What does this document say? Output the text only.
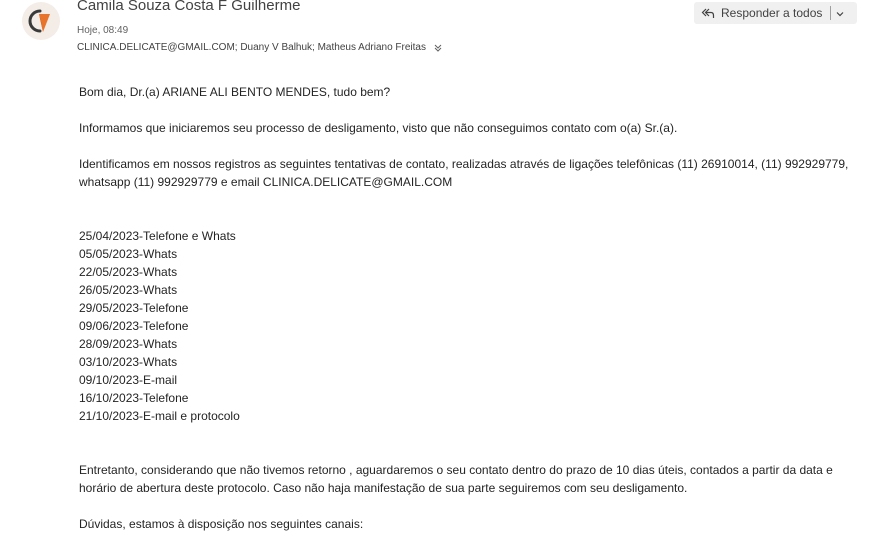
Camila Souza Costa F Guilherme
Hoje, 08:49
CLINICA.DELICATE@GMAIL.COM; Duany V Balhuk; Matheus Adriano Freitas
Responder a todos

Bom dia, Dr.(a) ARIANE ALI BENTO MENDES, tudo bem?

Informamos que iniciaremos seu processo de desligamento, visto que não conseguimos contato com o(a) Sr.(a).

Identificamos em nossos registros as seguintes tentativas de contato, realizadas através de ligações telefônicas (11) 26910014, (11) 992929779, whatsapp (11) 992929779 e email CLINICA.DELICATE@GMAIL.COM

25/04/2023-Telefone e Whats

05/05/2023-Whats

22/05/2023-Whats

26/05/2023-Whats

29/05/2023-Telefone

09/06/2023-Telefone

28/09/2023-Whats

03/10/2023-Whats

09/10/2023-E-mail

16/10/2023-Telefone

21/10/2023-E-mail e protocolo

Entretanto, considerando que não tivemos retorno , aguardaremos o seu contato dentro do prazo de 10 dias úteis, contados a partir da data e horário de abertura deste protocolo. Caso não haja manifestação de sua parte seguiremos com seu desligamento.

Dúvidas, estamos à disposição nos seguintes canais:
